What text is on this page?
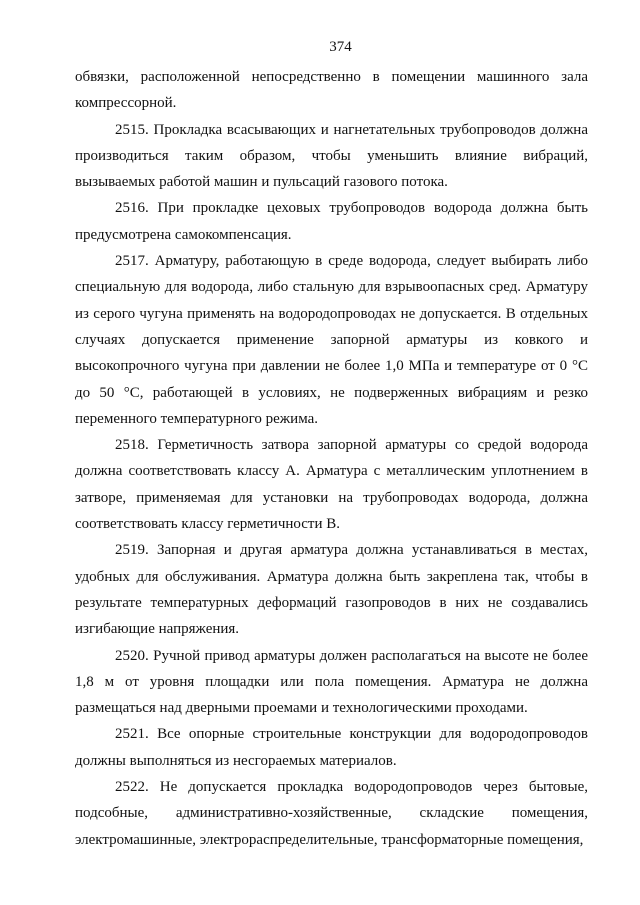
374

обвязки, расположенной непосредственно в помещении машинного зала компрессорной.

2515. Прокладка всасывающих и нагнетательных трубопроводов должна производиться таким образом, чтобы уменьшить влияние вибраций, вызываемых работой машин и пульсаций газового потока.

2516. При прокладке цеховых трубопроводов водорода должна быть предусмотрена самокомпенсация.

2517. Арматуру, работающую в среде водорода, следует выбирать либо специальную для водорода, либо стальную для взрывоопасных сред. Арматуру из серого чугуна применять на водородопроводах не допускается. В отдельных случаях допускается применение запорной арматуры из ковкого и высокопрочного чугуна при давлении не более 1,0 МПа и температуре от 0 °С до 50 °С, работающей в условиях, не подверженных вибрациям и резко переменного температурного режима.

2518. Герметичность затвора запорной арматуры со средой водорода должна соответствовать классу А. Арматура с металлическим уплотнением в затворе, применяемая для установки на трубопроводах водорода, должна соответствовать классу герметичности В.

2519. Запорная и другая арматура должна устанавливаться в местах, удобных для обслуживания. Арматура должна быть закреплена так, чтобы в результате температурных деформаций газопроводов в них не создавались изгибающие напряжения.

2520. Ручной привод арматуры должен располагаться на высоте не более 1,8 м от уровня площадки или пола помещения. Арматура не должна размещаться над дверными проемами и технологическими проходами.

2521. Все опорные строительные конструкции для водородопроводов должны выполняться из несгораемых материалов.

2522. Не допускается прокладка водородопроводов через бытовые, подсобные, административно-хозяйственные, складские помещения, электромашинные, электрораспределительные, трансформаторные помещения,
